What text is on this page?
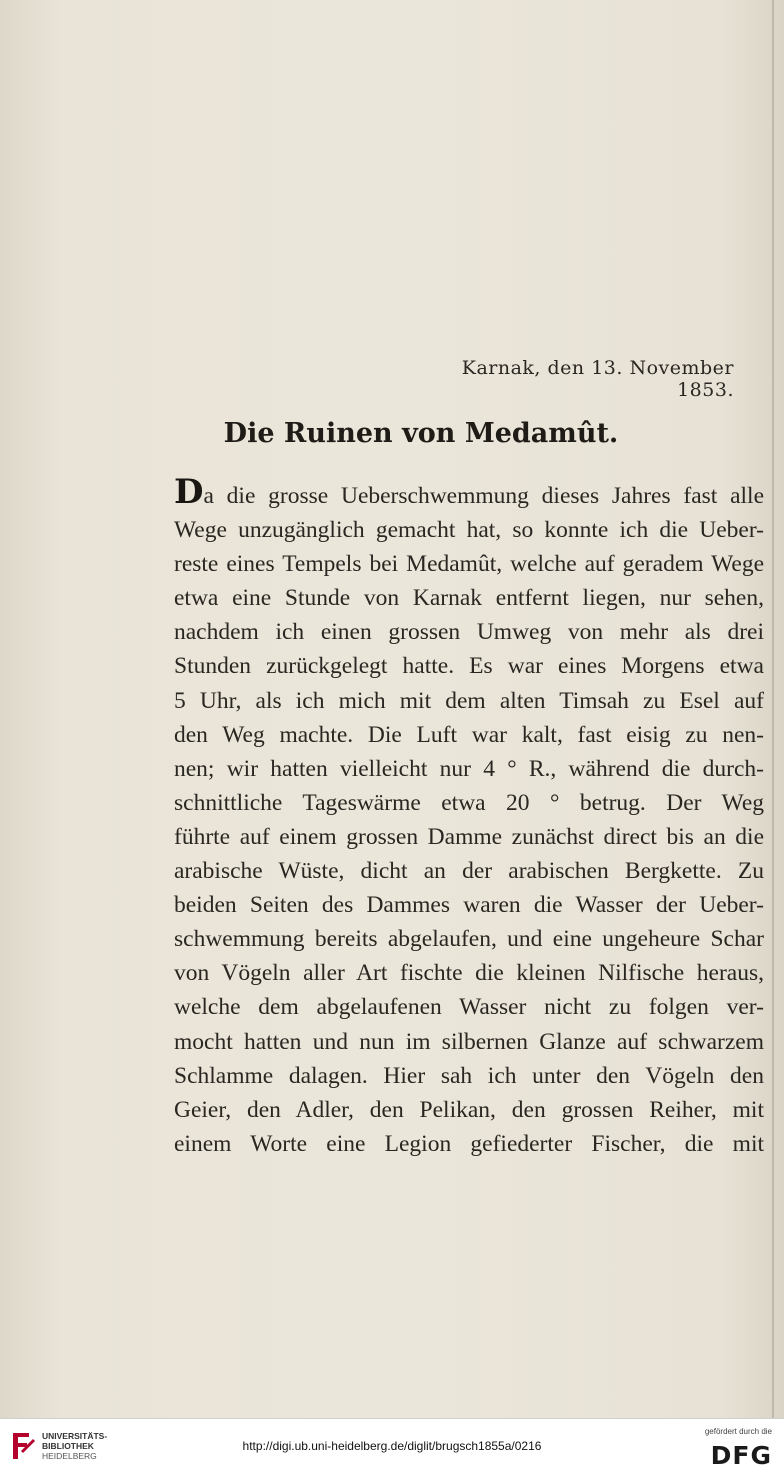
Karnak, den 13. November 1853.
Die Ruinen von Medamût.
Da die grosse Ueberschwemmung dieses Jahres fast alle
Wege unzugänglich gemacht hat, so konnte ich die Ueber-
reste eines Tempels bei Medamût, welche auf geradem Wege
etwa eine Stunde von Karnak entfernt liegen, nur sehen,
nachdem ich einen grossen Umweg von mehr als drei
Stunden zurückgelegt hatte. Es war eines Morgens etwa
5 Uhr, als ich mich mit dem alten Timsah zu Esel auf
den Weg machte. Die Luft war kalt, fast eisig zu nen-
nen; wir hatten vielleicht nur 4 ° R., während die durch-
schnittliche Tageswärme etwa 20 ° betrug. Der Weg
führte auf einem grossen Damme zunächst direct bis an die
arabische Wüste, dicht an der arabischen Bergkette. Zu
beiden Seiten des Dammes waren die Wasser der Ueber-
schwemmung bereits abgelaufen, und eine ungeheure Schar
von Vögeln aller Art fischte die kleinen Nilfische heraus,
welche dem abgelaufenen Wasser nicht zu folgen ver-
mocht hatten und nun im silbernen Glanze auf schwarzem
Schlamme dalagen. Hier sah ich unter den Vögeln den
Geier, den Adler, den Pelikan, den grossen Reiher, mit
einem Worte eine Legion gefiederter Fischer, die mit
UNIVERSITÄTS-
BIBLIOTHEK
HEIDELBERG
http://digi.ub.uni-heidelberg.de/diglit/brugsch1855a/0216
gefördert durch die
DFG
